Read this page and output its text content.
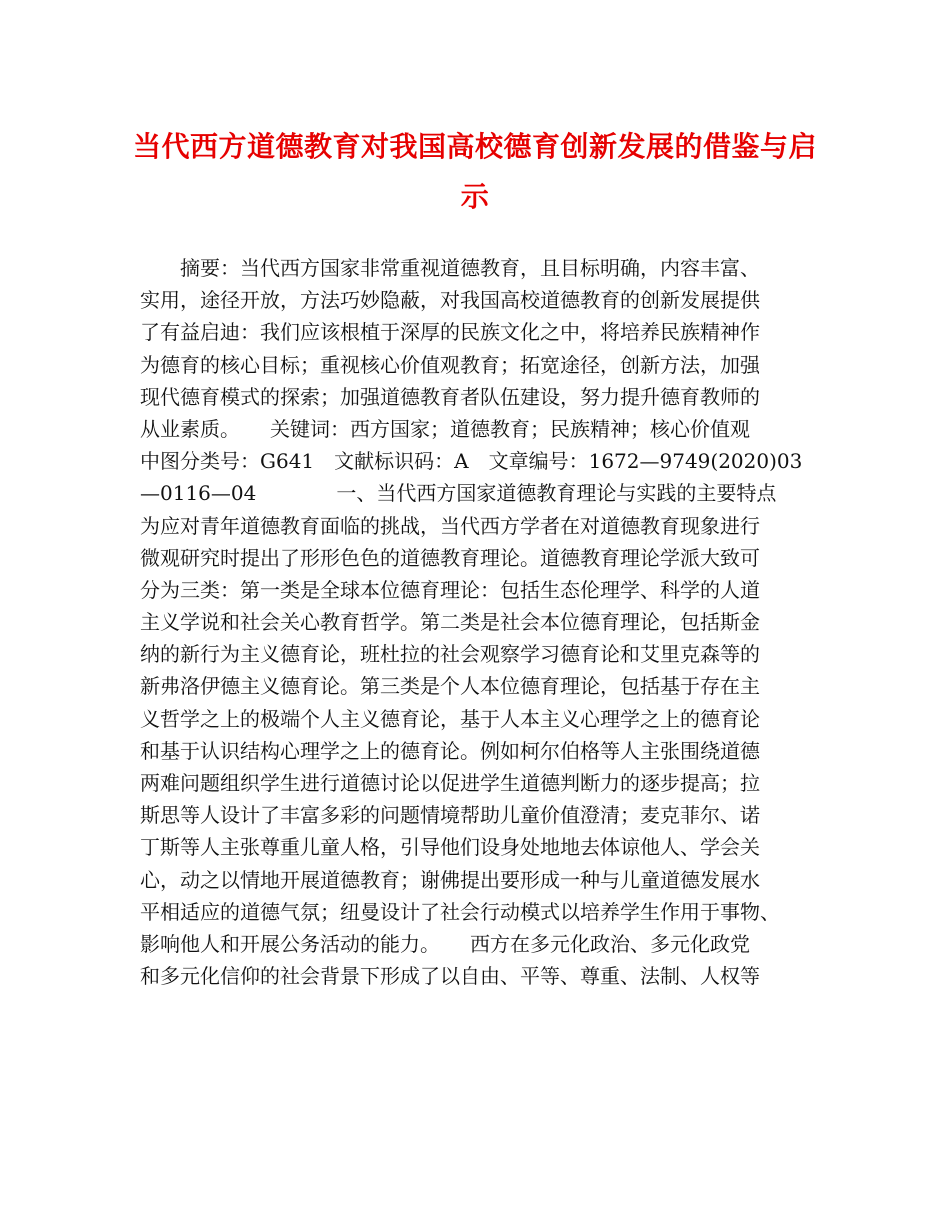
当代西方道德教育对我国高校德育创新发展的借鉴与启
示
　　摘要：当代西方国家非常重视道德教育，且目标明确，内容丰富、
实用，途径开放，方法巧妙隐蔽，对我国高校道德教育的创新发展提供
了有益启迪：我们应该根植于深厚的民族文化之中，将培养民族精神作
为德育的核心目标；重视核心价值观教育；拓宽途径，创新方法，加强
现代德育模式的探索；加强道德教育者队伍建设，努力提升德育教师的
从业素质。　　关键词：西方国家；道德教育；民族精神；核心价值观
中图分类号：G641　文献标识码：A　文章编号：1672—9749(2020)03
—0116—04　　　　一、当代西方国家道德教育理论与实践的主要特点
为应对青年道德教育面临的挑战，当代西方学者在对道德教育现象进行
微观研究时提出了形形色色的道德教育理论。道德教育理论学派大致可
分为三类：第一类是全球本位德育理论：包括生态伦理学、科学的人道
主义学说和社会关心教育哲学。第二类是社会本位德育理论，包括斯金
纳的新行为主义德育论，班杜拉的社会观察学习德育论和艾里克森等的
新弗洛伊德主义德育论。第三类是个人本位德育理论，包括基于存在主
义哲学之上的极端个人主义德育论，基于人本主义心理学之上的德育论
和基于认识结构心理学之上的德育论。例如柯尔伯格等人主张围绕道德
两难问题组织学生进行道德讨论以促进学生道德判断力的逐步提高；拉
斯思等人设计了丰富多彩的问题情境帮助儿童价值澄清；麦克菲尔、诺
丁斯等人主张尊重儿童人格，引导他们设身处地地去体谅他人、学会关
心，动之以情地开展道德教育；谢佛提出要形成一种与儿童道德发展水
平相适应的道德气氛；纽曼设计了社会行动模式以培养学生作用于事物、
影响他人和开展公务活动的能力。　　西方在多元化政治、多元化政党
和多元化信仰的社会背景下形成了以自由、平等、尊重、法制、人权等
